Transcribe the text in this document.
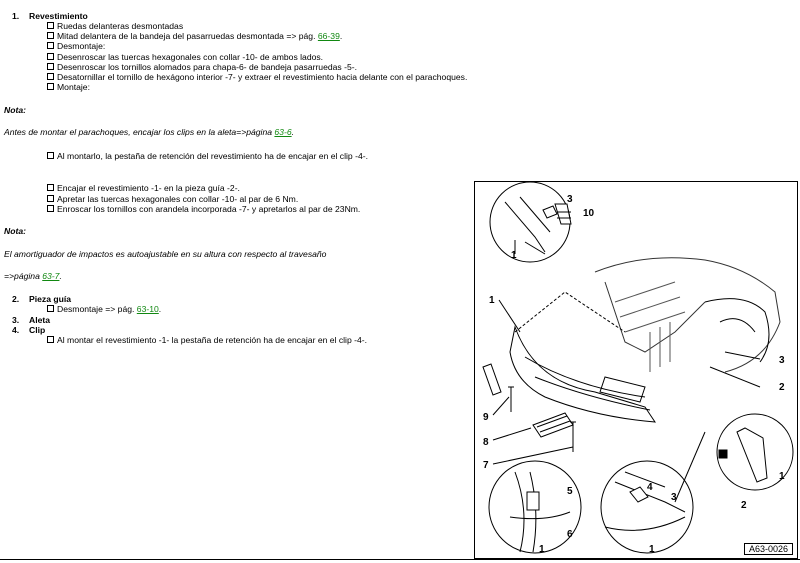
1. Revestimiento
Ruedas delanteras desmontadas
Mitad delantera de la bandeja del pasarruedas desmontada => pág. 66-39.
Desmontaje:
Desenroscar las tuercas hexagonales con collar -10- de ambos lados.
Desenroscar los tornillos alomados para chapa-6- de bandeja pasarruedas -5-.
Desatornillar el tornillo de hexágono interior -7- y extraer el revestimiento hacia delante con el parachoques.
Montaje:
Nota:
Antes de montar el parachoques, encajar los clips en la aleta=>página 63-6.
Al montarlo, la pestaña de retención del revestimiento ha de encajar en el clip -4-.
Encajar el revestimiento -1- en la pieza guía -2-.
Apretar las tuercas hexagonales con collar -10- al par de 6 Nm.
Enroscar los tornillos con arandela incorporada -7- y apretarlos al par de 23Nm.
Nota:
El amortiguador de impactos es autoajustable en su altura con respecto al travesaño
=>página 63-7.
2. Pieza guía
Desmontaje => pág. 63-10.
3. Aleta
4. Clip
Al montar el revestimiento -1- la pestaña de retención ha de encajar en el clip -4-.
3
10
1
1
3
2
9
8
7
1
2
5
6
1
4
3
1	A63-0026
